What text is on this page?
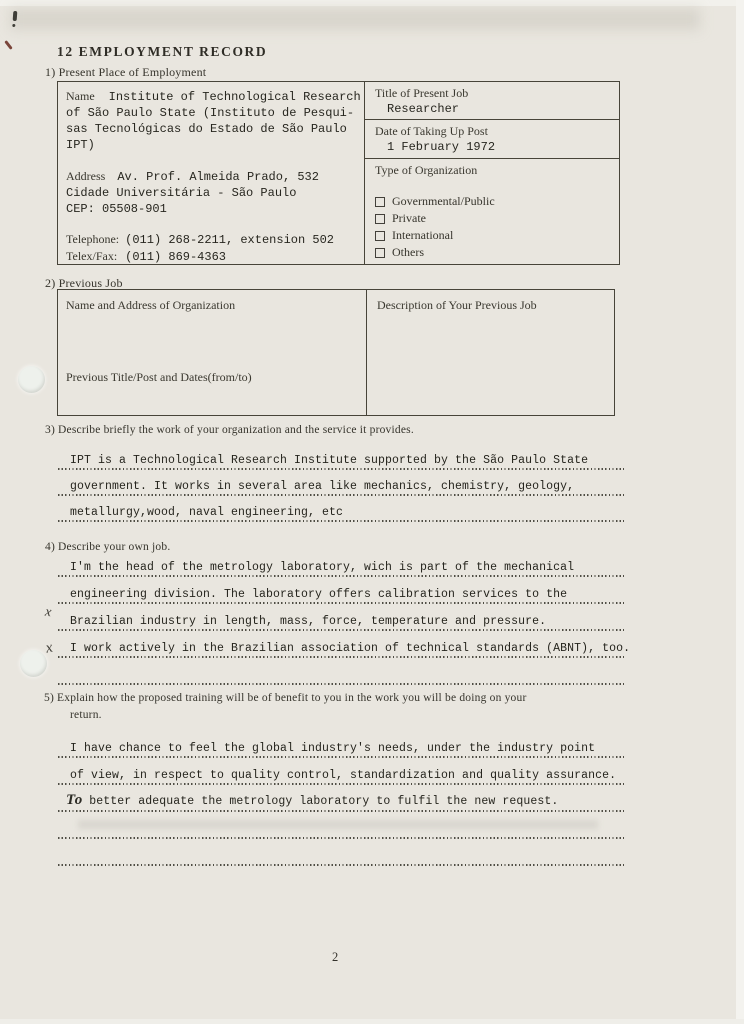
12 EMPLOYMENT RECORD
1) Present Place of Employment
Name Institute of Technological Research
of São Paulo State (Instituto de Pesqui-
sas Tecnológicas do Estado de São Paulo
IPT)
Address Av. Prof. Almeida Prado, 532
Cidade Universitária - São Paulo
CEP: 05508-901
Telephone: (011) 268-2211, extension 502
Telex/Fax: (011) 869-4363
Title of Present Job
Researcher
Date of Taking Up Post
1 February 1972
Type of Organization
Governmental/Public
Private
International
Others
2) Previous Job
Name and Address of Organization
Previous Title/Post and Dates(from/to)
Description of Your Previous Job
3) Describe briefly the work of your organization and the service it provides.
IPT is a Technological Research Institute supported by the São Paulo State
government. It works in several area like mechanics, chemistry, geology,
metallurgy,wood, naval engineering, etc
4) Describe your own job.
I'm the head of the metrology laboratory, wich is part of the mechanical
engineering division. The laboratory offers calibration services to the
Brazilian industry in length, mass, force, temperature and pressure.
I work actively in the Brazilian association of technical standards (ABNT), too.
x
x
5) Explain how the proposed training will be of benefit to you in the work you will be doing on your
return.
I have chance to feel the global industry's needs, under the industry point
of view, in respect to quality control, standardization and quality assurance.
To better adequate the metrology laboratory to fulfil the new request.
2
